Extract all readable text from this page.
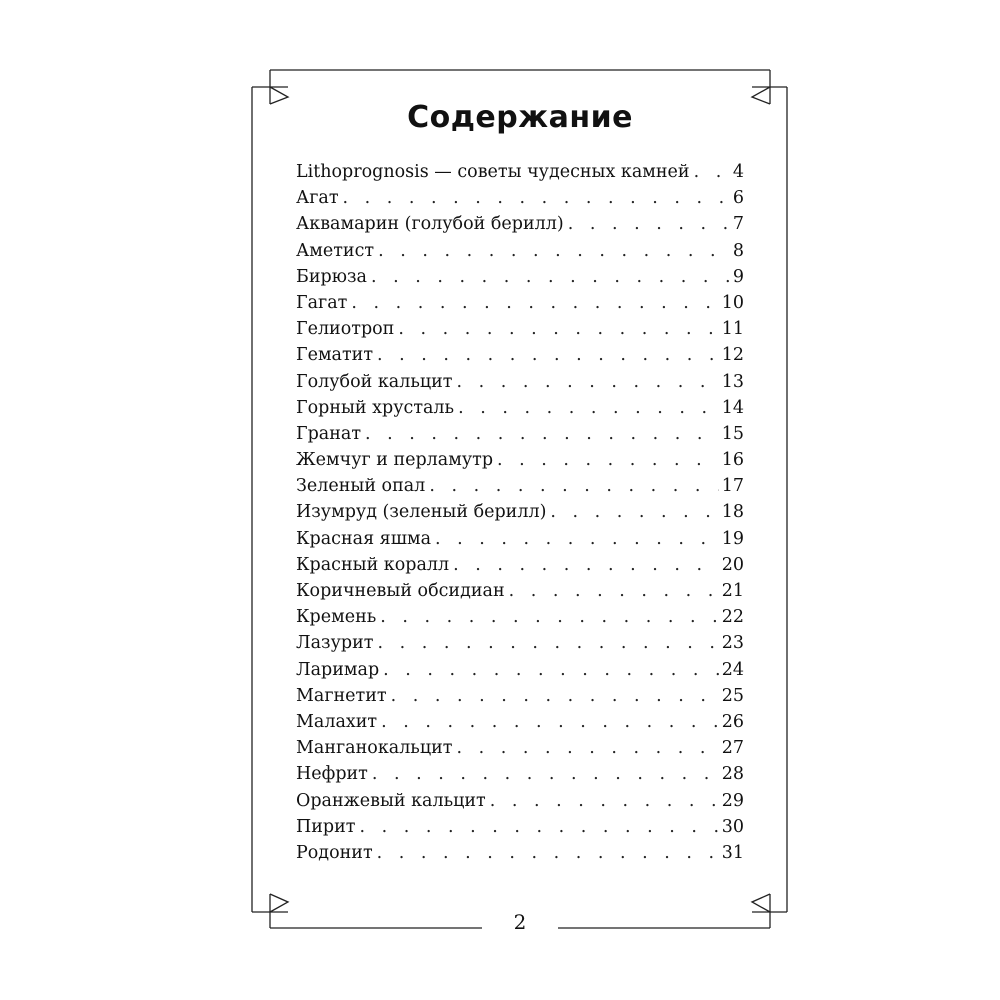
Содержание
Lithoprognosis — советы чудесных камней . . . 4
Агат . . .	6
Аквамарин (голубой берилл) . . .	7
Аметист . . .	8
Бирюза . . .	9
Гагат . . .	10
Гелиотроп . . .	11
Гематит . . .	12
Голубой кальцит . . .	13
Горный хрусталь . . .	14
Гранат . . .	15
Жемчуг и перламутр . . .	16
Зеленый опал . . .	17
Изумруд (зеленый берилл) . . .	18
Красная яшма . . .	19
Красный коралл . . .	20
Коричневый обсидиан . . .	21
Кремень . . .	22
Лазурит . . .	23
Ларимар . . .	24
Магнетит . . .	25
Малахит . . .	26
Манганокальцит . . .	27
Нефрит . . .	28
Оранжевый кальцит . . .	29
Пирит . . .	30
Родонит . . .	31
2
